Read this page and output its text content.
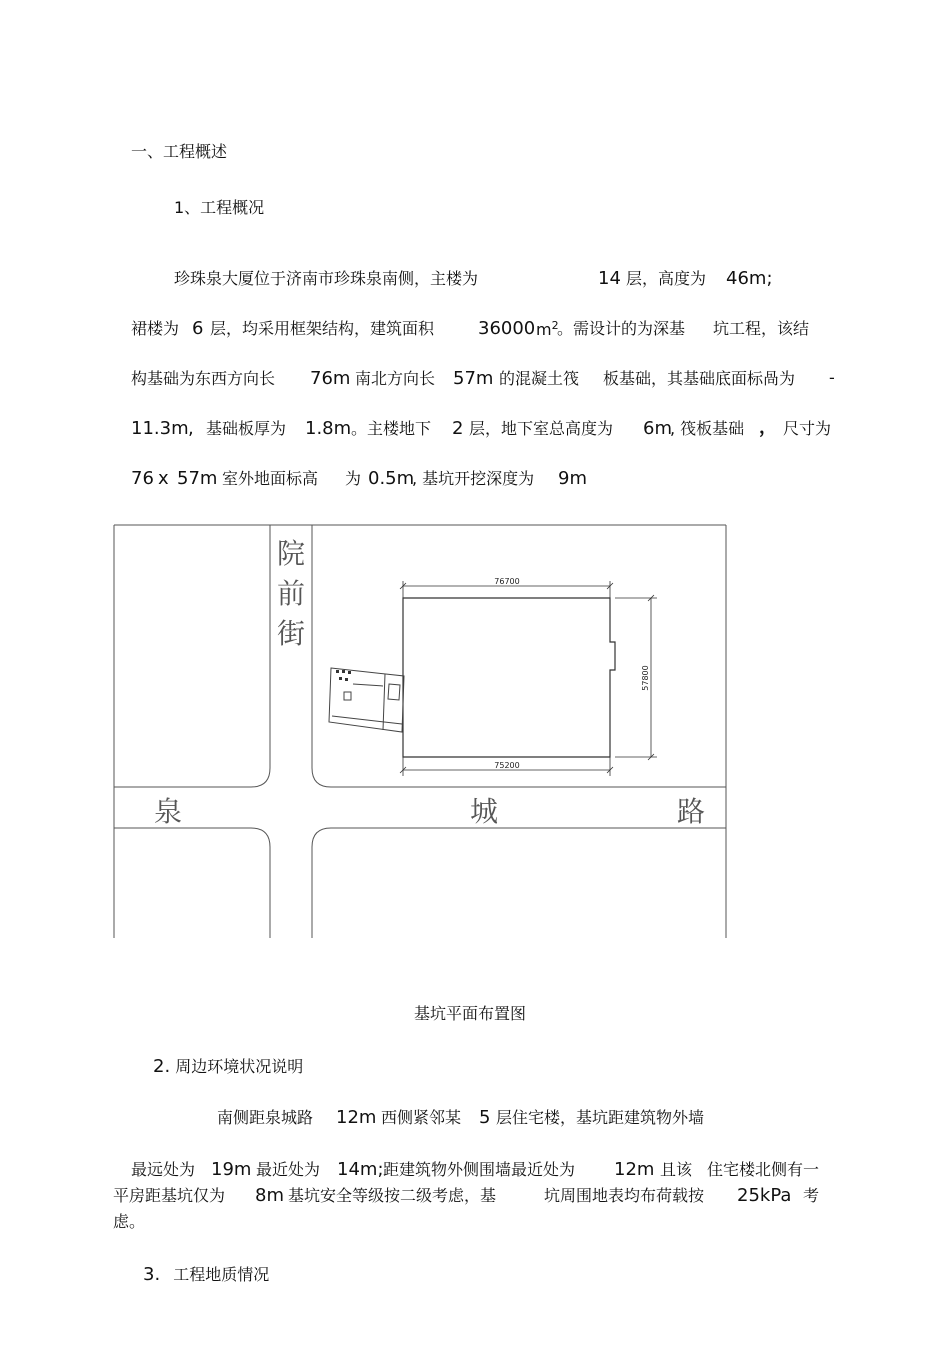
一、工程概述
1、工程概况
珍珠泉大厦位于济南市珍珠泉南侧，主楼为	14 层，高度为 46m;
裙楼为 6 层，均采用框架结构，建筑面积 36000 $m^2$
。需设计的为深基 坑工程，该结
构基础为东西方向长 76m 南北方向长 57m 的混凝土筏 板基础，其基础底面标咼为 -
11.3m , 基础板厚为 1.8m 。主楼地下 2 层，地下室总高度为 6m
, 筏板基础 ， 尺寸为
76 x 57m 室外地面标高 为 0.5m
, 基坑开挖深度为 9m
76700
75200
57800
院
前
街
泉	城	路
基坑平面布置图
2. 周边环境状况说明
南侧距泉城路 12m 西侧紧邻某 5 层住宅楼，基坑距建筑物外墙
最远处为 19m 最近处为 14m; 距建筑物外侧围墙最近处为 12m 且该 住宅楼北侧有一
平房距基坑仅为 8m 基坑安全等级按二级考虑，基	坑周围地表均布荷载按 25kPa 考
虑。
3. 工程地质情况
